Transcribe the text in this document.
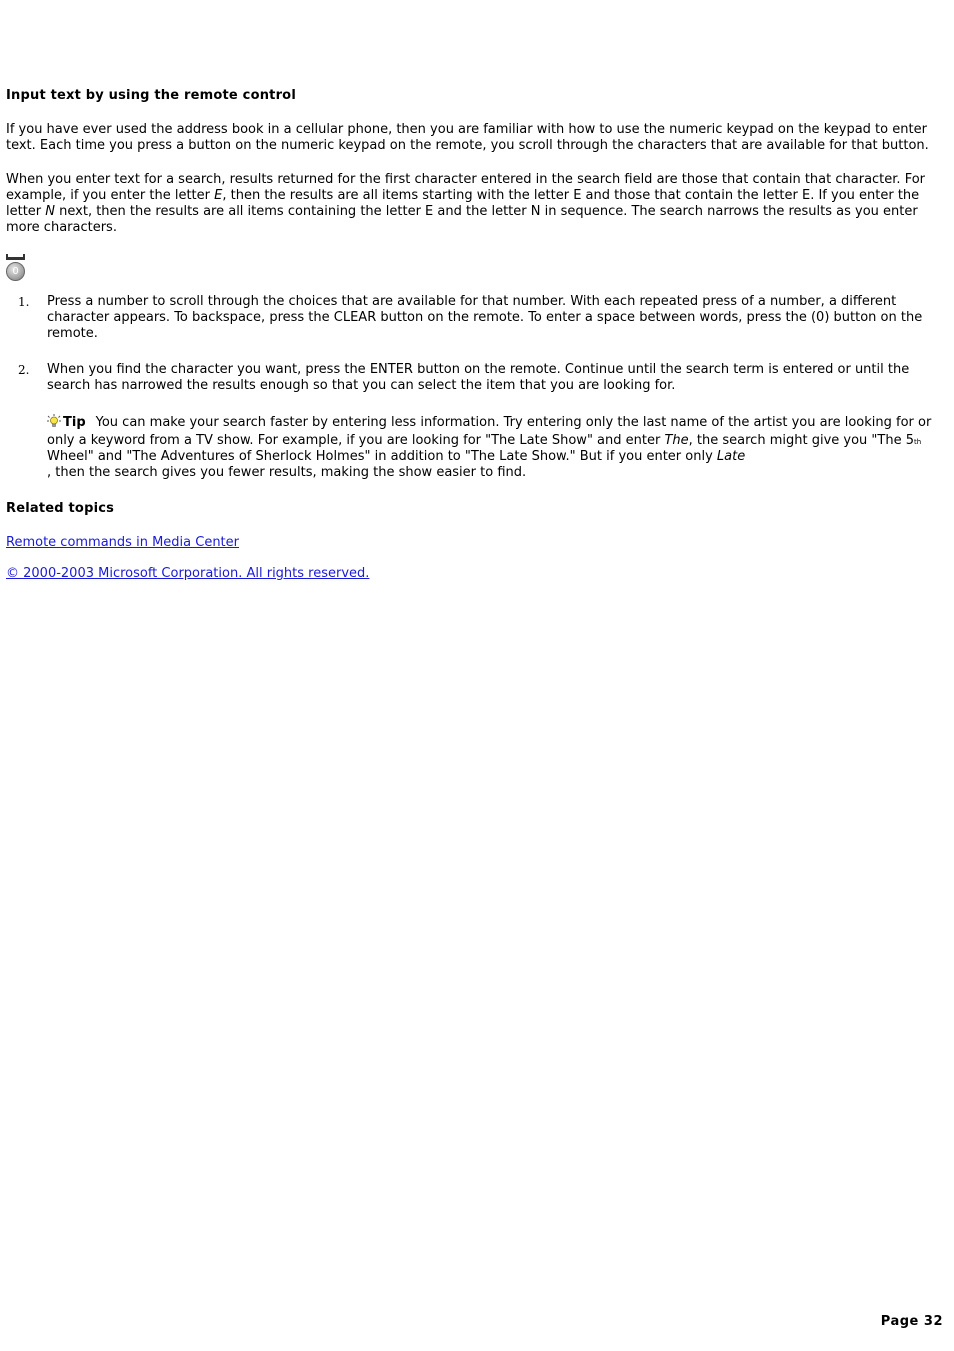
Input text by using the remote control

If you have ever used the address book in a cellular phone, then you are familiar with how to use the numeric keypad on the keypad to enter text. Each time you press a button on the numeric keypad on the remote, you scroll through the characters that are available for that button.

When you enter text for a search, results returned for the first character entered in the search field are those that contain that character. For example, if you enter the letter E, then the results are all items starting with the letter E and those that contain the letter E. If you enter the letter N next, then the results are all items containing the letter E and the letter N in sequence. The search narrows the results as you enter more characters.

0
1. Press a number to scroll through the choices that are available for that number. With each repeated press of a number, a different character appears. To backspace, press the CLEAR button on the remote. To enter a space between words, press the (0) button on the remote.
2. When you find the character you want, press the ENTER button on the remote. Continue until the search term is entered or until the search has narrowed the results enough so that you can select the item that you are looking for.
Tip You can make your search faster by entering less information. Try entering only the last name of the artist you are looking for or only a keyword from a TV show. For example, if you are looking for "The Late Show" and enter The, the search might give you "The 5th Wheel" and "The Adventures of Sherlock Holmes" in addition to "The Late Show." But if you enter only Late
, then the search gives you fewer results, making the show easier to find.
Related topics
Remote commands in Media Center
© 2000-2003 Microsoft Corporation. All rights reserved.
Page 32
